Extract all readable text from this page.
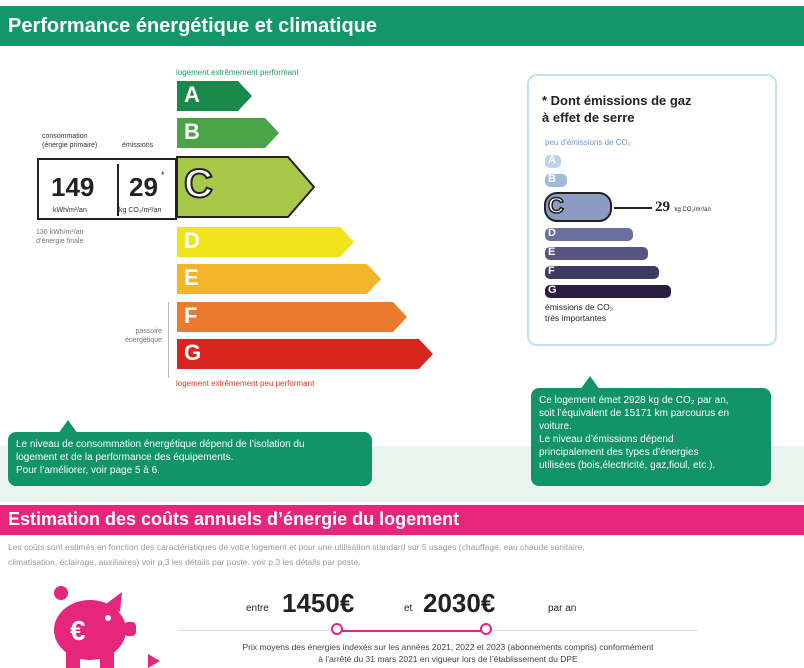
Performance énergétique et climatique
logement extrêmement performant
A
B
C
D
E
F
G
logement extrêmement peu performant
consommation
(énergie primaire)	émissions
149
kWh/m²/an
29 *
kg CO₂/m²/an
136 kWh/m²/an
d’énergie finale
passoire
énergétique
* Dont émissions de gaz
à effet de serre
peu d’émissions de CO₂
A
B
C
D
E
F
G
29 kg CO₂/m²/an
émissions de CO₂
très importantes
Le niveau de consommation énergétique dépend de l’isolation du
logement et de la performance des équipements.
Pour l’améliorer, voir page 5 à 6.
Ce logement émet 2928 kg de CO₂ par an,
soit l’équivalent de 15171 km parcourus en
voiture.
Le niveau d’émissions dépend
principalement des types d’énergies
utilisées (bois,électricité, gaz,fioul, etc.).
Estimation des coûts annuels d’énergie du logement
Les coûts sont estimés en fonction des caractéristiques de votre logement et pour une utilisation standard sur 5 usages (chauffage, eau chaude sanitaire,
climatisation, éclairage, auxiliaires) voir p.3 les détails par poste. voir p.3 les détails par poste.
€
entre 1450€	et 2030€	par an
Prix moyens des énergies indexés sur les années 2021, 2022 et 2023 (abonnements compris) conformément
à l’arrêté du 31 mars 2021 en vigueur lors de l’établissement du DPE
